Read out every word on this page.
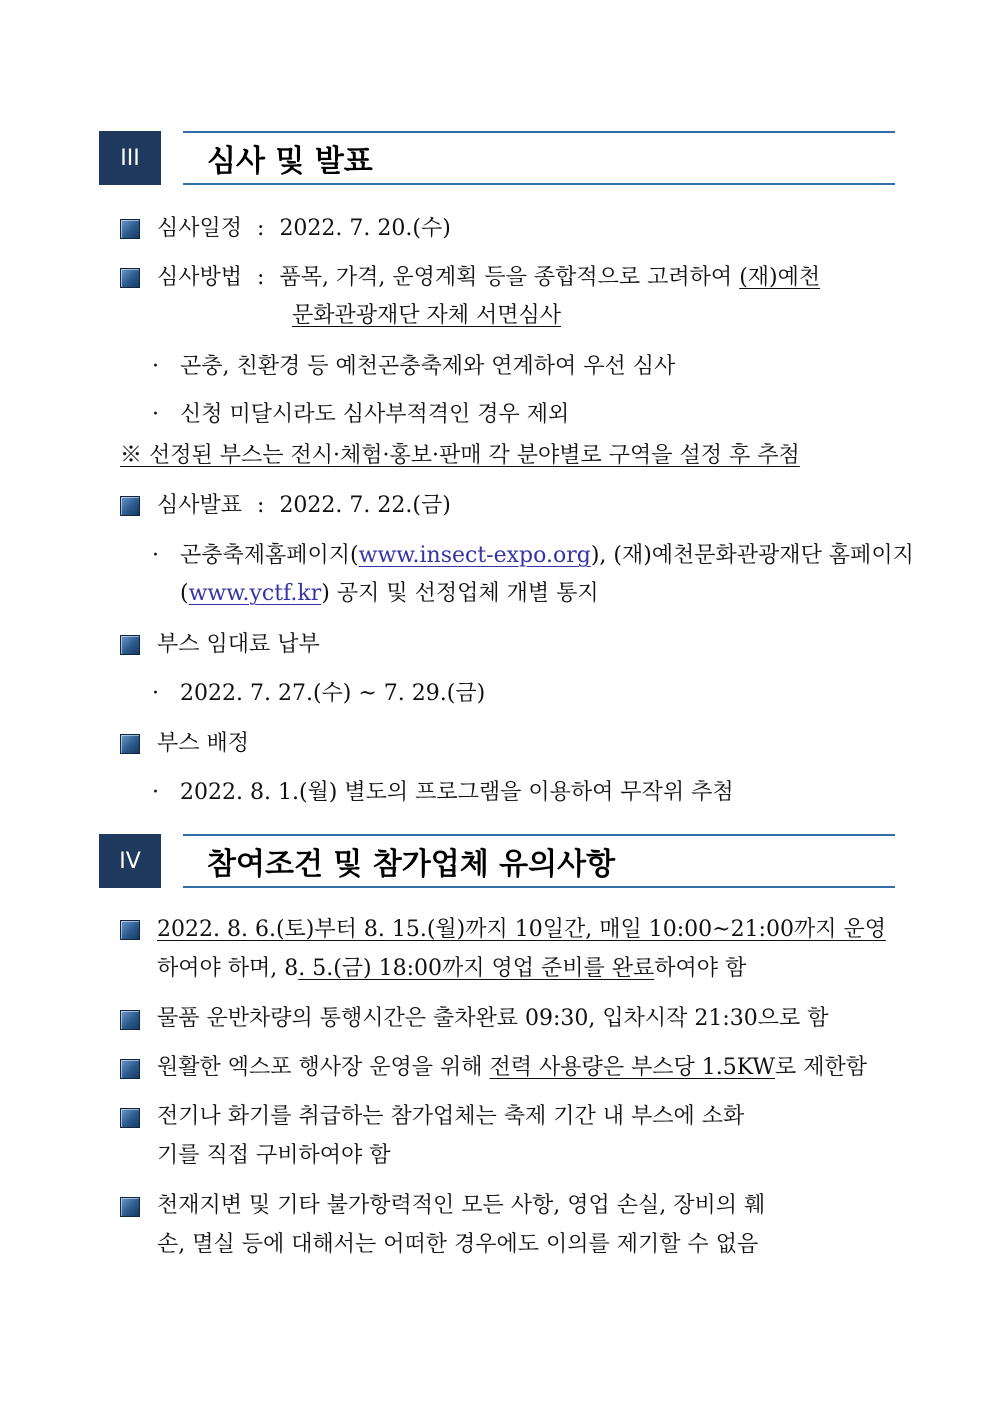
III	심사 및 발표
심사일정 : 2022. 7. 20.(수)
심사방법 : 품목, 가격, 운영계획 등을 종합적으로 고려하여 (재)예천
문화관광재단 자체 서면심사
· 곤충, 친환경 등 예천곤충축제와 연계하여 우선 심사
· 신청 미달시라도 심사부적격인 경우 제외
※ 선정된 부스는 전시·체험·홍보·판매 각 분야별로 구역을 설정 후 추첨
심사발표 : 2022. 7. 22.(금)
· 곤충축제홈페이지(www.insect-expo.org), (재)예천문화관광재단 홈페이지
(www.yctf.kr) 공지 및 선정업체 개별 통지
부스 임대료 납부
· 2022. 7. 27.(수) ~ 7. 29.(금)
부스 배정
· 2022. 8. 1.(월) 별도의 프로그램을 이용하여 무작위 추첨
IV	참여조건 및 참가업체 유의사항
2022. 8. 6.(토)부터 8. 15.(월)까지 10일간, 매일 10:00~21:00까지 운영
하여야 하며, 8. 5.(금) 18:00까지 영업 준비를 완료하여야 함
물품 운반차량의 통행시간은 출차완료 09:30, 입차시작 21:30으로 함
원활한 엑스포 행사장 운영을 위해 전력 사용량은 부스당 1.5KW로 제한함
전기나 화기를 취급하는 참가업체는 축제 기간 내 부스에 소화
기를 직접 구비하여야 함
천재지변 및 기타 불가항력적인 모든 사항, 영업 손실, 장비의 훼
손, 멸실 등에 대해서는 어떠한 경우에도 이의를 제기할 수 없음
